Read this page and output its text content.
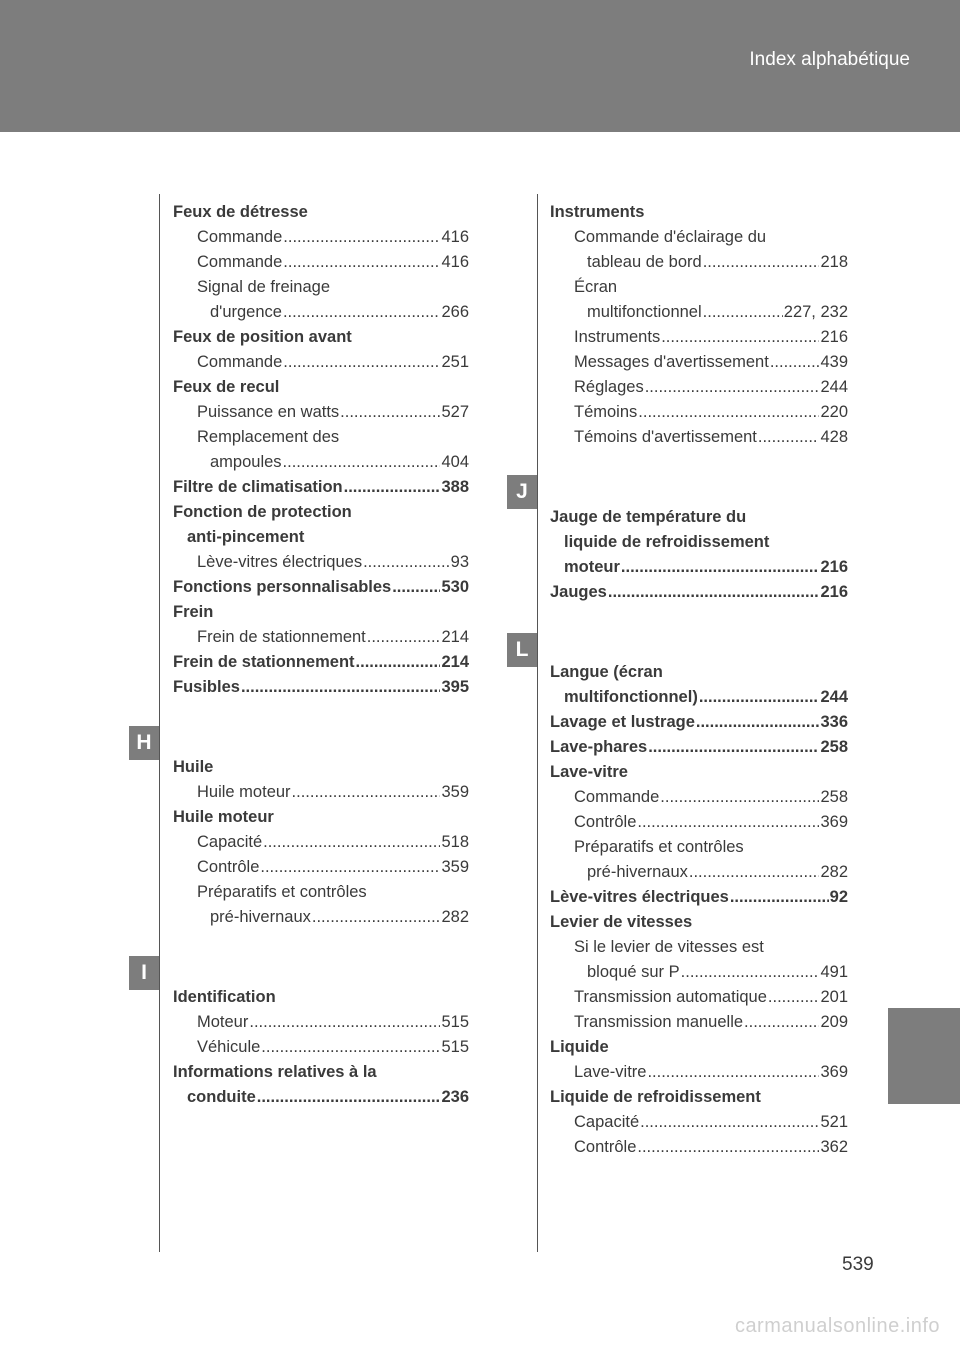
Index alphabétique
H
I
J
L
Feux de détresse
Commande .....	416
Commande .....	416
Signal de freinage
d'urgence .....	266
Feux de position avant
Commande .....	251
Feux de recul
Puissance en watts .....	527
Remplacement des
ampoules .....	404
Filtre de climatisation .....	388
Fonction de protection
anti-pincement
Lève-vitres électriques .....	93
Fonctions personnalisables .....	530
Frein
Frein de stationnement .....	214
Frein de stationnement .....	214
Fusibles .....	395
Huile
Huile moteur .....	359
Huile moteur
Capacité .....	518
Contrôle .....	359
Préparatifs et contrôles
pré-hivernaux .....	282
Identification
Moteur .....	515
Véhicule .....	515
Informations relatives à la
conduite .....	236
Instruments
Commande d'éclairage du
tableau de bord .....	218
Écran
multifonctionnel .....	227, 232
Instruments .....	216
Messages d'avertissement .....	439
Réglages .....	244
Témoins .....	220
Témoins d'avertissement .....	428
Jauge de température du
liquide de refroidissement
moteur .....	216
Jauges .....	216
Langue (écran
multifonctionnel) .....	244
Lavage et lustrage .....	336
Lave-phares .....	258
Lave-vitre
Commande .....	258
Contrôle .....	369
Préparatifs et contrôles
pré-hivernaux .....	282
Lève-vitres électriques .....	92
Levier de vitesses
Si le levier de vitesses est
bloqué sur P .....	491
Transmission automatique .....	201
Transmission manuelle .....	209
Liquide
Lave-vitre .....	369
Liquide de refroidissement
Capacité .....	521
Contrôle .....	362
539
carmanualsonline.info
